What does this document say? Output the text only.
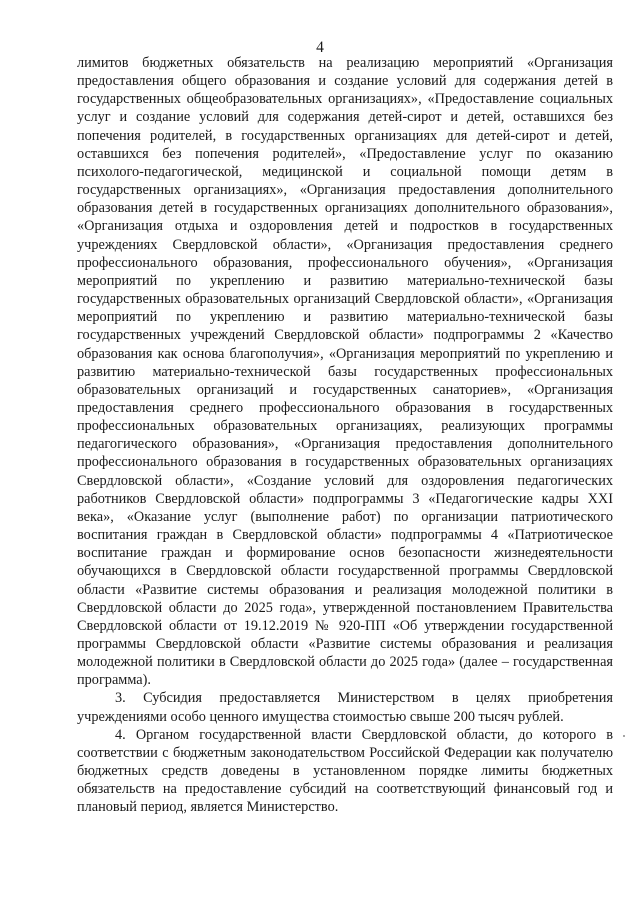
4

лимитов бюджетных обязательств на реализацию мероприятий «Организация предоставления общего образования и создание условий для содержания детей в государственных общеобразовательных организациях», «Предоставление социальных услуг и создание условий для содержания детей-сирот и детей, оставшихся без попечения родителей, в государственных организациях для детей-сирот и детей, оставшихся без попечения родителей», «Предоставление услуг по оказанию психолого-педагогической, медицинской и социальной помощи детям в государственных организациях», «Организация предоставления дополнительного образования детей в государственных организациях дополнительного образования», «Организация отдыха и оздоровления детей и подростков в государственных учреждениях Свердловской области», «Организация предоставления среднего профессионального образования, профессионального обучения», «Организация мероприятий по укреплению и развитию материально-технической базы государственных образовательных организаций Свердловской области», «Организация мероприятий по укреплению и развитию материально-технической базы государственных учреждений Свердловской области» подпрограммы 2 «Качество образования как основа благополучия», «Организация мероприятий по укреплению и развитию материально-технической базы государственных профессиональных образовательных организаций и государственных санаториев», «Организация предоставления среднего профессионального образования в государственных профессиональных образовательных организациях, реализующих программы педагогического образования», «Организация предоставления дополнительного профессионального образования в государственных образовательных организациях Свердловской области», «Создание условий для оздоровления педагогических работников Свердловской области» подпрограммы 3 «Педагогические кадры XXI века», «Оказание услуг (выполнение работ) по организации патриотического воспитания граждан в Свердловской области» подпрограммы 4 «Патриотическое воспитание граждан и формирование основ безопасности жизнедеятельности обучающихся в Свердловской области государственной программы Свердловской области «Развитие системы образования и реализация молодежной политики в Свердловской области до 2025 года», утвержденной постановлением Правительства Свердловской области от 19.12.2019 № 920-ПП «Об утверждении государственной программы Свердловской области «Развитие системы образования и реализация молодежной политики в Свердловской области до 2025 года» (далее – государственная программа).

3. Субсидия предоставляется Министерством в целях приобретения учреждениями особо ценного имущества стоимостью свыше 200 тысяч рублей.

4. Органом государственной власти Свердловской области, до которого в соответствии с бюджетным законодательством Российской Федерации как получателю бюджетных средств доведены в установленном порядке лимиты бюджетных обязательств на предоставление субсидий на соответствующий финансовый год и плановый период, является Министерство.
